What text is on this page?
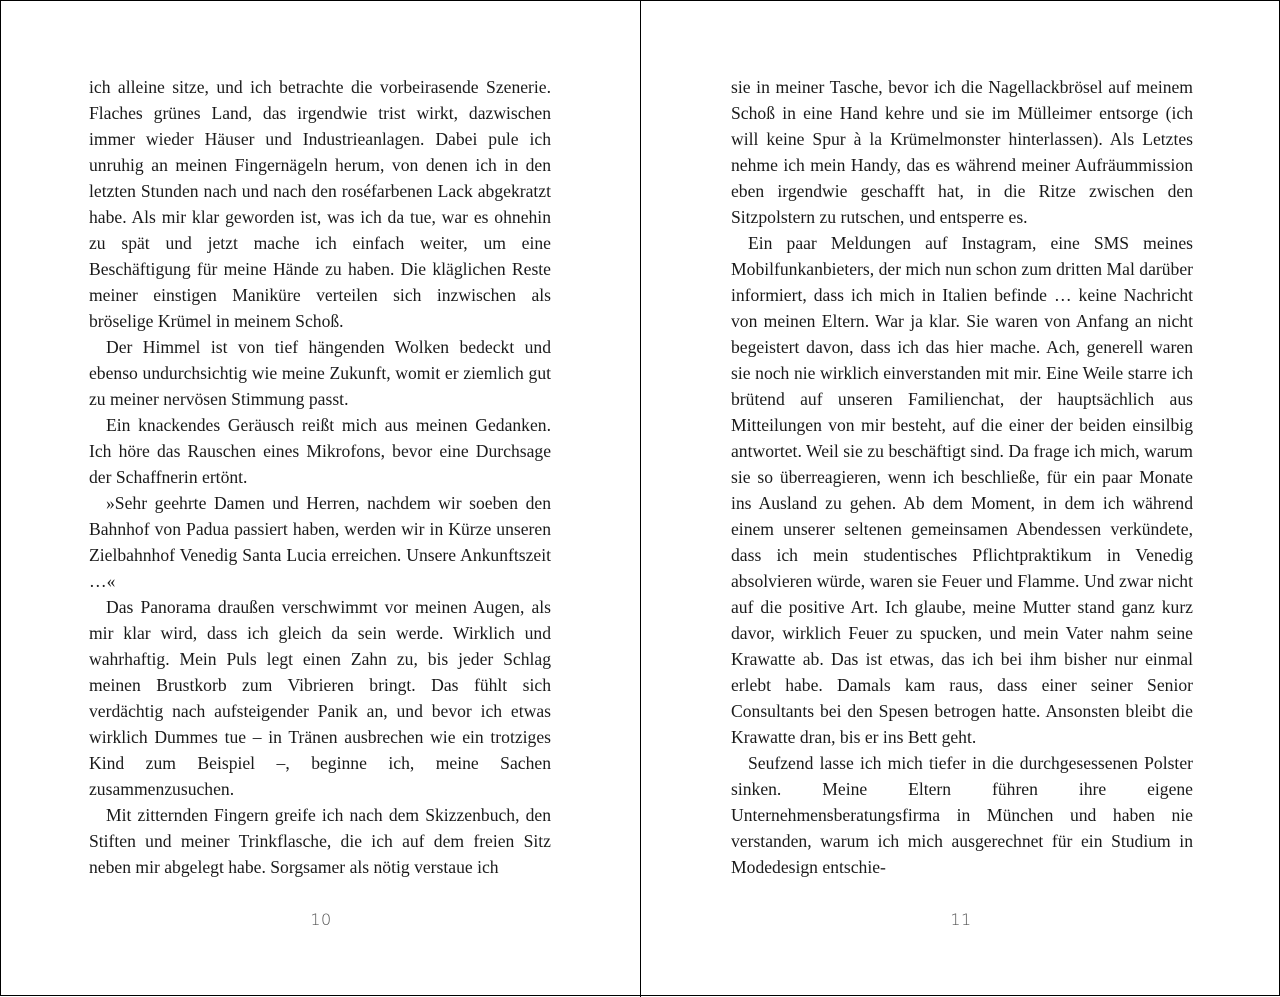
ich alleine sitze, und ich betrachte die vorbeirasende Szenerie. Flaches grünes Land, das irgendwie trist wirkt, dazwischen immer wieder Häuser und Industrieanlagen. Dabei pule ich unruhig an meinen Fingernägeln herum, von denen ich in den letzten Stunden nach und nach den roséfarbenen Lack abgekratzt habe. Als mir klar geworden ist, was ich da tue, war es ohnehin zu spät und jetzt mache ich einfach weiter, um eine Beschäftigung für meine Hände zu haben. Die kläglichen Reste meiner einstigen Maniküre verteilen sich inzwischen als bröselige Krümel in meinem Schoß.

Der Himmel ist von tief hängenden Wolken bedeckt und ebenso undurchsichtig wie meine Zukunft, womit er ziemlich gut zu meiner nervösen Stimmung passt.

Ein knackendes Geräusch reißt mich aus meinen Gedanken. Ich höre das Rauschen eines Mikrofons, bevor eine Durchsage der Schaffnerin ertönt.

»Sehr geehrte Damen und Herren, nachdem wir soeben den Bahnhof von Padua passiert haben, werden wir in Kürze unseren Zielbahnhof Venedig Santa Lucia erreichen. Unsere Ankunftszeit …«

Das Panorama draußen verschwimmt vor meinen Augen, als mir klar wird, dass ich gleich da sein werde. Wirklich und wahrhaftig. Mein Puls legt einen Zahn zu, bis jeder Schlag meinen Brustkorb zum Vibrieren bringt. Das fühlt sich verdächtig nach aufsteigender Panik an, und bevor ich etwas wirklich Dummes tue – in Tränen ausbrechen wie ein trotziges Kind zum Beispiel –, beginne ich, meine Sachen zusammenzusuchen.

Mit zitternden Fingern greife ich nach dem Skizzenbuch, den Stiften und meiner Trinkflasche, die ich auf dem freien Sitz neben mir abgelegt habe. Sorgsamer als nötig verstaue ich

sie in meiner Tasche, bevor ich die Nagellackbrösel auf meinem Schoß in eine Hand kehre und sie im Mülleimer entsorge (ich will keine Spur à la Krümelmonster hinterlassen). Als Letztes nehme ich mein Handy, das es während meiner Aufräummission eben irgendwie geschafft hat, in die Ritze zwischen den Sitzpolstern zu rutschen, und entsperre es.

Ein paar Meldungen auf Instagram, eine SMS meines Mobilfunkanbieters, der mich nun schon zum dritten Mal darüber informiert, dass ich mich in Italien befinde … keine Nachricht von meinen Eltern. War ja klar. Sie waren von Anfang an nicht begeistert davon, dass ich das hier mache. Ach, generell waren sie noch nie wirklich einverstanden mit mir. Eine Weile starre ich brütend auf unseren Familienchat, der hauptsächlich aus Mitteilungen von mir besteht, auf die einer der beiden einsilbig antwortet. Weil sie zu beschäftigt sind. Da frage ich mich, warum sie so überreagieren, wenn ich beschließe, für ein paar Monate ins Ausland zu gehen. Ab dem Moment, in dem ich während einem unserer seltenen gemeinsamen Abendessen verkündete, dass ich mein studentisches Pflichtpraktikum in Venedig absolvieren würde, waren sie Feuer und Flamme. Und zwar nicht auf die positive Art. Ich glaube, meine Mutter stand ganz kurz davor, wirklich Feuer zu spucken, und mein Vater nahm seine Krawatte ab. Das ist etwas, das ich bei ihm bisher nur einmal erlebt habe. Damals kam raus, dass einer seiner Senior Consultants bei den Spesen betrogen hatte. Ansonsten bleibt die Krawatte dran, bis er ins Bett geht.

Seufzend lasse ich mich tiefer in die durchgesessenen Polster sinken. Meine Eltern führen ihre eigene Unternehmensberatungsfirma in München und haben nie verstanden, warum ich mich ausgerechnet für ein Studium in Modedesign entschie-

10	11
